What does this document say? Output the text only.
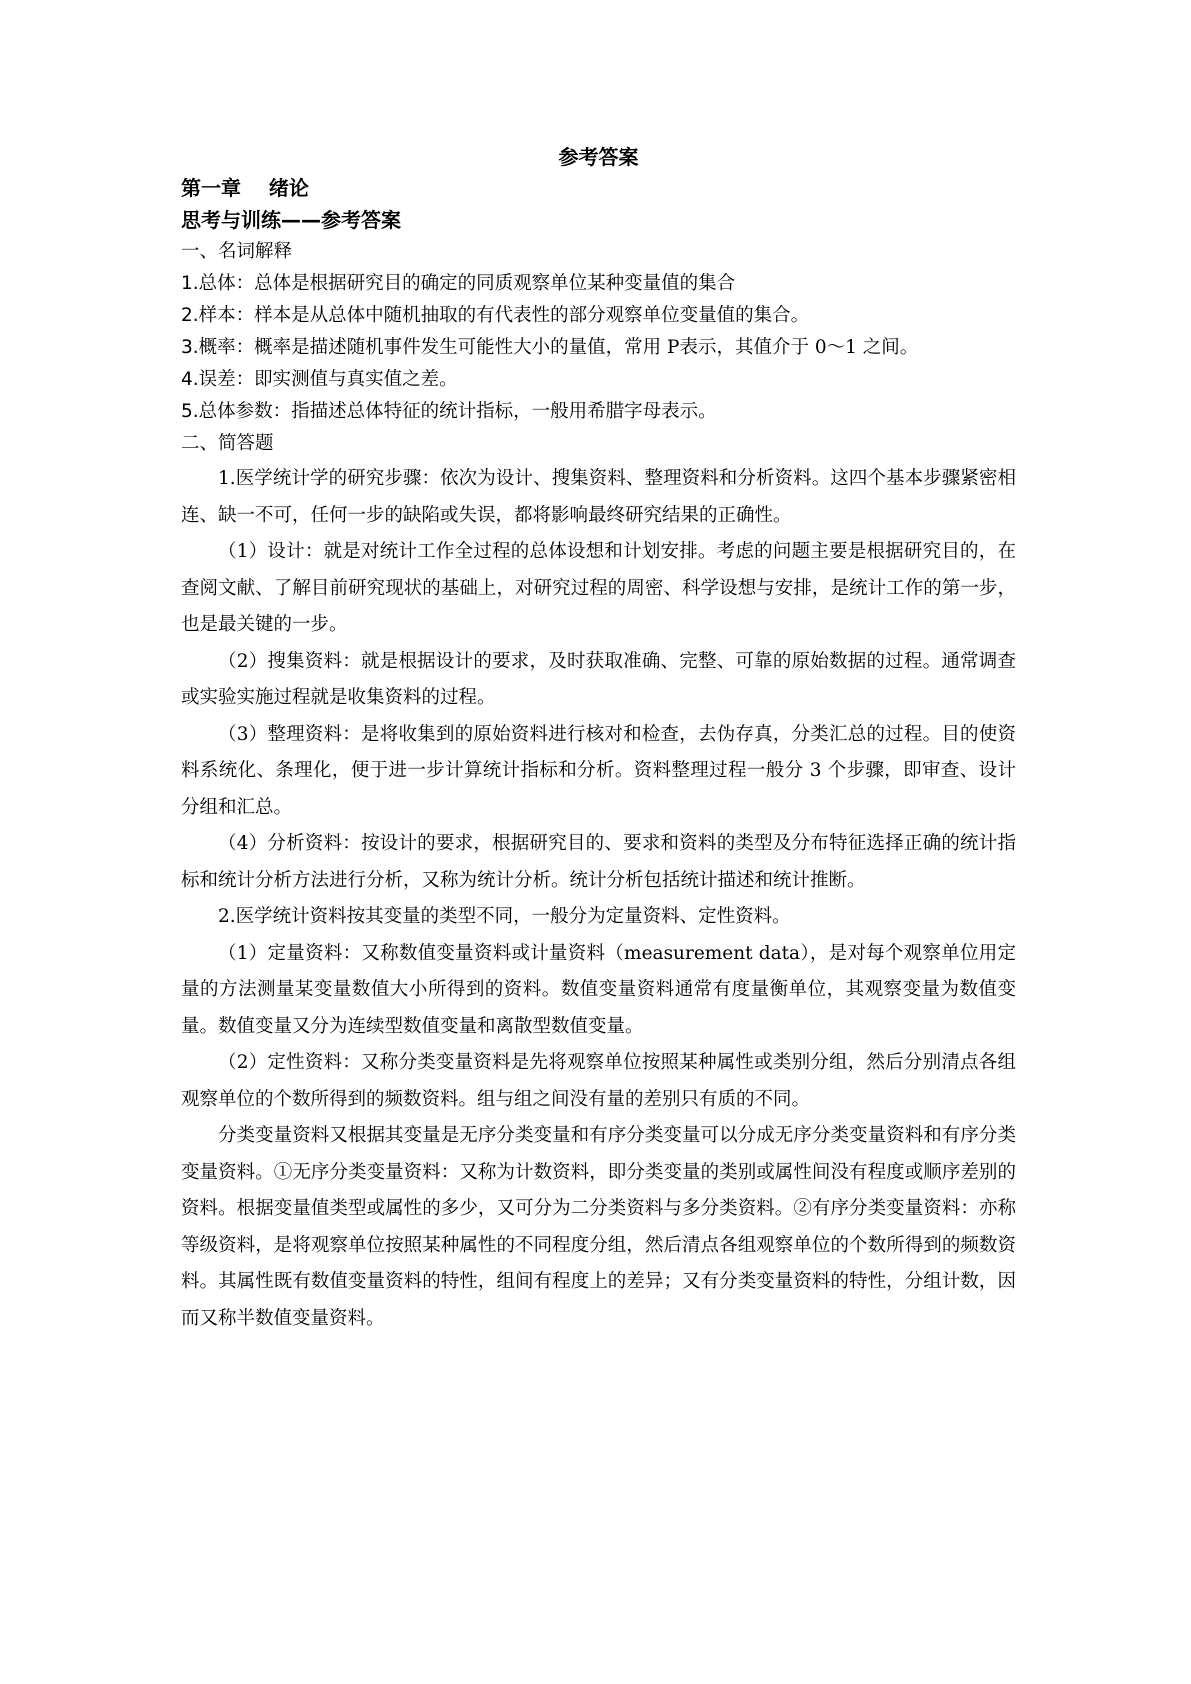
参考答案
第一章    绪论
思考与训练——参考答案
一、名词解释
1.总体：总体是根据研究目的确定的同质观察单位某种变量值的集合
2.样本：样本是从总体中随机抽取的有代表性的部分观察单位变量值的集合。
3.概率：概率是描述随机事件发生可能性大小的量值，常用 P表示，其值介于 0～1 之间。
4.误差：即实测值与真实值之差。
5.总体参数：指描述总体特征的统计指标，一般用希腊字母表示。
二、简答题

1.医学统计学的研究步骤：依次为设计、搜集资料、整理资料和分析资料。这四个基本步骤紧密相连、缺一不可，任何一步的缺陷或失误，都将影响最终研究结果的正确性。

（1）设计：就是对统计工作全过程的总体设想和计划安排。考虑的问题主要是根据研究目的，在查阅文献、了解目前研究现状的基础上，对研究过程的周密、科学设想与安排，是统计工作的第一步，也是最关键的一步。

（2）搜集资料：就是根据设计的要求，及时获取准确、完整、可靠的原始数据的过程。通常调查或实验实施过程就是收集资料的过程。

（3）整理资料：是将收集到的原始资料进行核对和检查，去伪存真，分类汇总的过程。目的使资料系统化、条理化，便于进一步计算统计指标和分析。资料整理过程一般分 3 个步骤，即审查、设计分组和汇总。

（4）分析资料：按设计的要求，根据研究目的、要求和资料的类型及分布特征选择正确的统计指标和统计分析方法进行分析，又称为统计分析。统计分析包括统计描述和统计推断。

2.医学统计资料按其变量的类型不同，一般分为定量资料、定性资料。

（1）定量资料：又称数值变量资料或计量资料（measurement data），是对每个观察单位用定量的方法测量某变量数值大小所得到的资料。数值变量资料通常有度量衡单位，其观察变量为数值变量。数值变量又分为连续型数值变量和离散型数值变量。

（2）定性资料：又称分类变量资料是先将观察单位按照某种属性或类别分组，然后分别清点各组观察单位的个数所得到的频数资料。组与组之间没有量的差别只有质的不同。

分类变量资料又根据其变量是无序分类变量和有序分类变量可以分成无序分类变量资料和有序分类变量资料。①无序分类变量资料：又称为计数资料，即分类变量的类别或属性间没有程度或顺序差别的资料。根据变量值类型或属性的多少，又可分为二分类资料与多分类资料。②有序分类变量资料：亦称等级资料，是将观察单位按照某种属性的不同程度分组，然后清点各组观察单位的个数所得到的频数资料。其属性既有数值变量资料的特性，组间有程度上的差异；又有分类变量资料的特性，分组计数，因而又称半数值变量资料。
